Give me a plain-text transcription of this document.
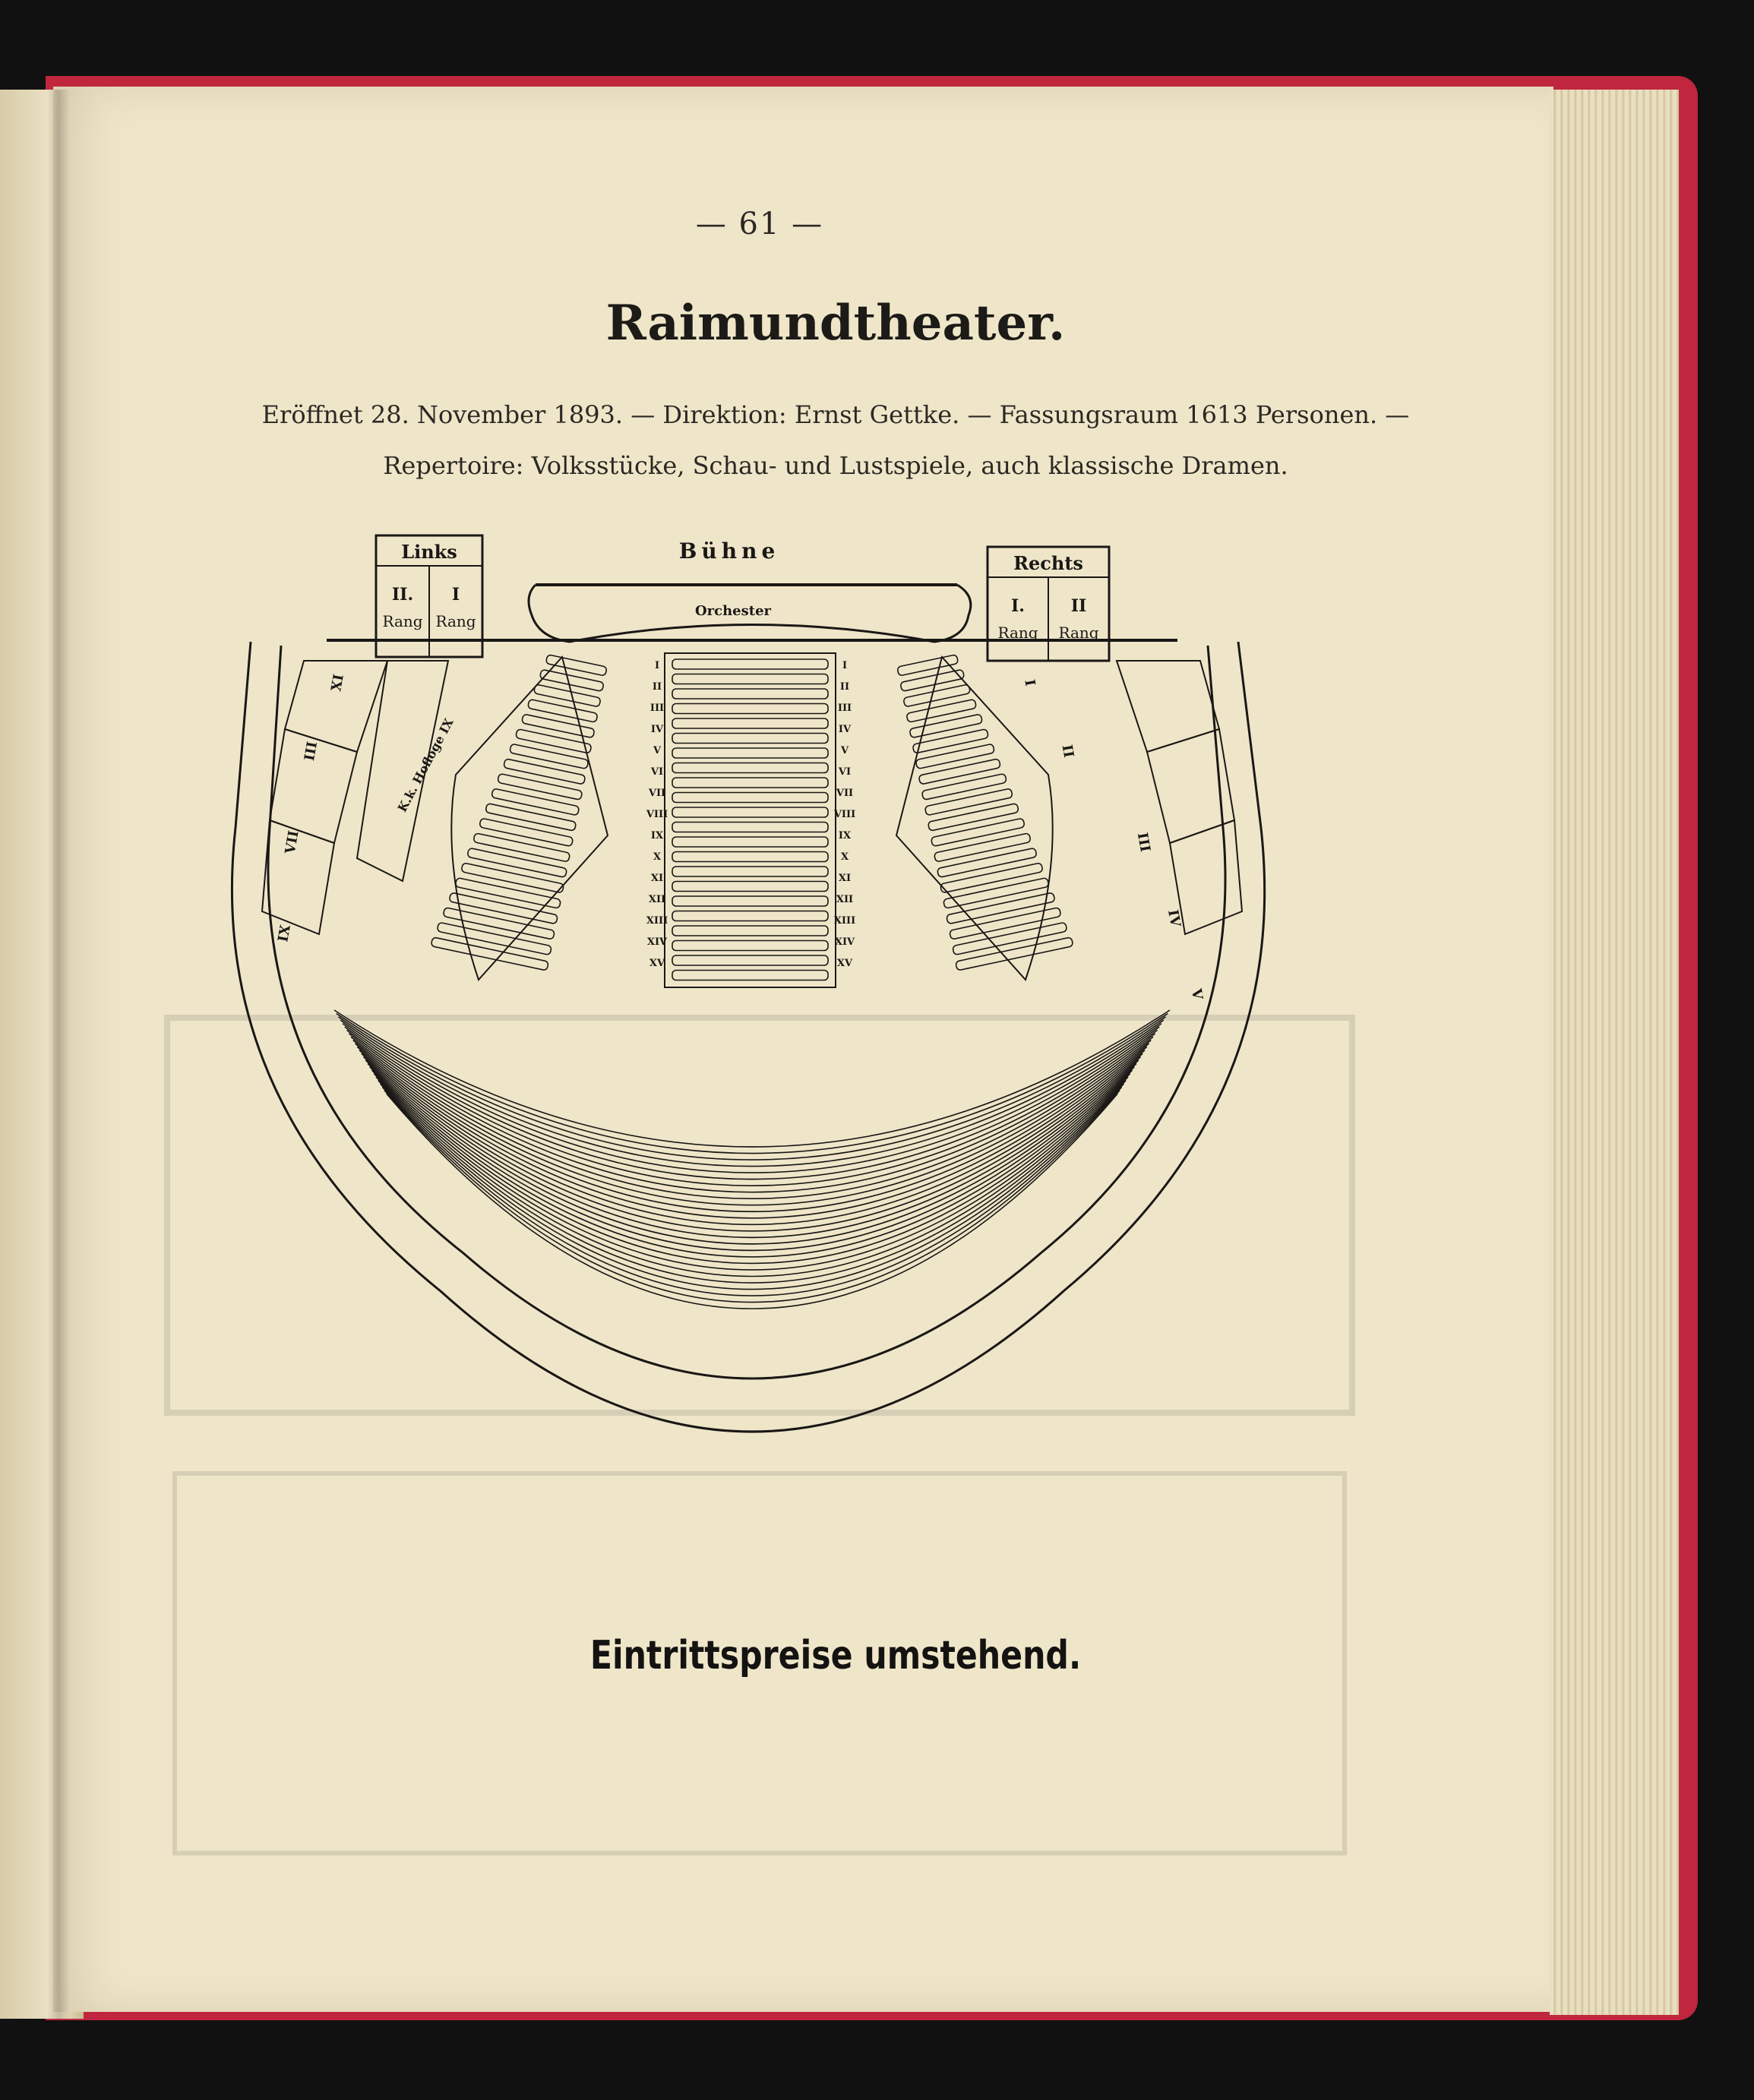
— 61 —
Raimundtheater.
Eröffnet 28. November 1893. — Direktion: Ernst Gettke. — Fassungsraum 1613 Personen. —
Repertoire: Volksstücke, Schau- und Lustspiele, auch klassische Dramen.
I	I
II	II
III	III
IV	IV
V	V
VI	VI
VII	VII
VIII	VIII
IX	IX
X	X
XI	XI
XII	XII
XIII	XIII
XIV	XIV
XV	XV
Links
II.
Rang
I
Rang
Rechts
I.
Rang
II
Rang
Bühne
Orchester
K.k. Hofloge IX
XI
III
VII
IX
I
II
III
IV
V
Eintrittspreise umstehend.
